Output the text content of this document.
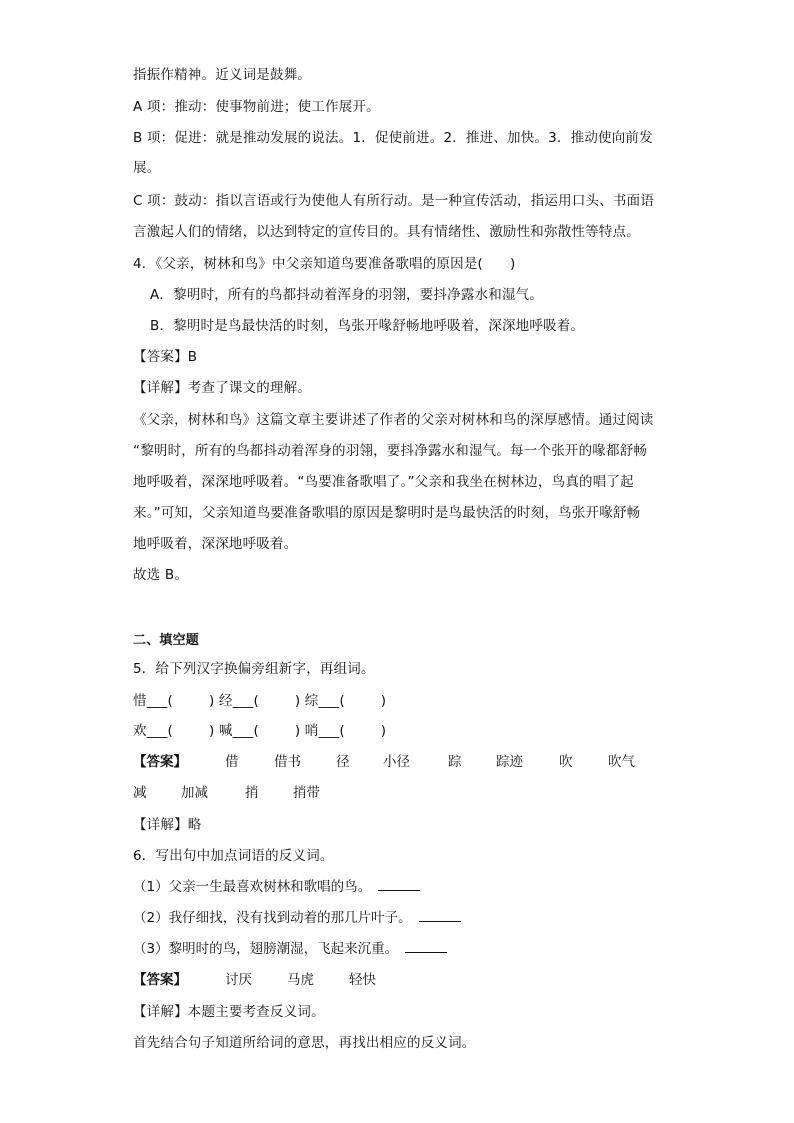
指振作精神。近义词是鼓舞。
A 项：推动：使事物前进；使工作展开。
B 项：促进：就是推动发展的说法。1．促使前进。2．推进、加快。3．推动使向前发
展。
C 项：鼓动：指以言语或行为使他人有所行动。是一种宣传活动，指运用口头、书面语
言激起人们的情绪，以达到特定的宣传目的。具有情绪性、激励性和弥散性等特点。
4．《父亲，树林和鸟》中父亲知道鸟要准备歌唱的原因是(      )
A．黎明时，所有的鸟都抖动着浑身的羽翎，要抖净露水和湿气。
B．黎明时是鸟最快活的时刻，鸟张开喙舒畅地呼吸着，深深地呼吸着。
【答案】B
【详解】考查了课文的理解。
《父亲，树林和鸟》这篇文章主要讲述了作者的父亲对树林和鸟的深厚感情。通过阅读
“黎明时，所有的鸟都抖动着浑身的羽翎，要抖净露水和湿气。每一个张开的喙都舒畅
地呼吸着，深深地呼吸着。“鸟要准备歌唱了。”父亲和我坐在树林边，鸟真的唱了起
来。”可知，父亲知道鸟要准备歌唱的原因是黎明时是鸟最快活的时刻，鸟张开喙舒畅
地呼吸着，深深地呼吸着。
故选 B。
二、填空题
5．给下列汉字换偏旁组新字，再组词。
惜___(        ) 经___(        ) 综___(        )
欢___(        ) 喊___(        ) 哨___(        )
【答案】	借	借书	径 小径	踪	踪迹	吹	吹气
减	加减	捎	捎带
【详解】略
6．写出句中加点词语的反义词。
（1）父亲一生最喜欢树林和歌唱的鸟。
（2）我仔细找，没有找到动着的那几片叶子。
（3）黎明时的鸟，翅膀潮湿，飞起来沉重。
【答案】	讨厌	马虎	轻快
【详解】本题主要考查反义词。
首先结合句子知道所给词的意思，再找出相应的反义词。
